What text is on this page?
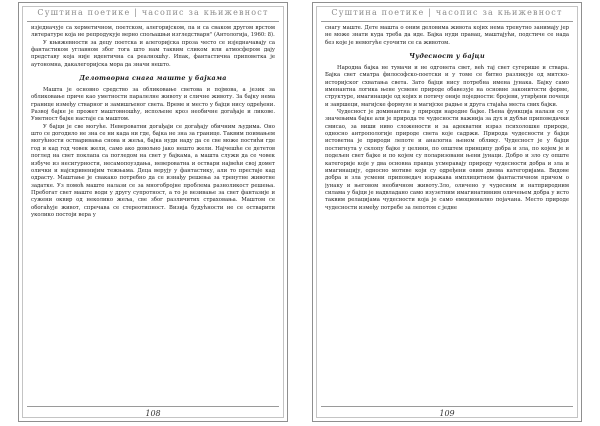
Суштина поетике | часопис за књижевност

изједначује са херметичном, поетском, алегоријском, па и са сваком другом врстом литературе која не репродукује верно спољашњи изгледстварн" (Антологија, 1960: 8).

У књижевности за децу поетска и алегоријска проза често се изједначавају са фантастиком углавном због тога што нам таквим сликом или атмосфером дају представу која није идентична са реалношћу. Ипак, фантастична приповетка је аутономна, дакалегоријска мора да значи нешто.

Делотворна снага маште у бајкама

Машта је основно средство за обликовање светова и појмова, а језик за обликовање приче као уметности паралелне животу и сличне животу. За бајку нема границе између стварног и замишљеног света. Време и место у бајци нису одређени. Развој бајке је прожет маштовношћу, испољене кроз необичне догађаје и ликове. Уметност бајке настаје са маштом.

У бајци је све могуће. Невероватни догађаји се догађају обичним људима. Оно што се догодило не зна се ни када ни где, бајка не зна за границе. Таквим поимањем могућности остваривања снова и жеља, бајка нуди наду да се све може постићи где год и кад год човек жели, само ако довољно јако нешто жели. Најчешће се дететов поглед на свет поклапа са погледом на свет у бајкама, а машта служи да се човек избуче из несигурности, несамопоуздања, невероватна и оствари највећи свој домет олички и најскривенијим тежњама. Деца верују у фантастику, али то престаје кад одрасту. Маштање је свакако потребно да се изнађу решења за тренутне животне задатке. Уз помоћ маште налази се за многобројне проблема разноликост решења. Пребогат свет маште води у другу супротност, а то је везивање за свет фантазије и сужени оквир од неколико жеља, све због различитих страховања. Маштом се обогаћује живот, спречава се стереотипност. Визија будућности не се остварити уколико постоји вера у

108
Суштина поетике | часопис за књижевност

снагу маште. Дете машта о оним деловима живота којих нема тренутно занимају јер не може знати куда треба да иде. Бајка нуди правац, маштајући, подстиче се нада без које је немогуће суочити се са животом.

Чудесност у бајци

Народна бајка не тумачи и не одгонета свет, већ тај свет сугерише и ствара. Бајка свет смaтра философско-поетски и у томе се битно разликује од митско-историјског схватања света. Зато бајци нису потребна имена јунака. Бајку само именантна логика њене усмене природе обавезује на основне законитости форме, структуре, имагинације од којих и потичу оније поједности: бројеви, утврђени почеци и завршеци, магијске формуле и магијске радње и друга стајаћа места свих бајки.

Чудесност је доминантна у природи народне бајке. Њена функција налази се у значењима бајке али је природа те чудесности важнија за дух и дубљи приповедачки смисао, за виши ниво сложености и за адекватни израз психолошке природе, односно антропологије природе света које садржи. Природа чудесности у бајци истоветна је природи лепоте и аналогна њеном облику. Чудесност је у бајци постигнута у склопу бајке у целини, по општем принципу добра и зла, по којем је и подељен свет бајке и по којем су поларизовани њени јунаци. Добро и зло су опште категорије које у два основна правца усмеравају природу чудесности добра и зла и имагинацију, односно мотиве који су одређени овим двема категоријама. Видове добра и зла усмени приповедач изражава имплицитном фантастичном причом о јунаку и његовом необичном животу.Зло, оличено у чудесним и натприродним силама у бајци је надвладано само изузетним имагинативним оличењем добра у исто таквим релацијама чудесности која је само емоционално појачана. Место природе чудесности између потребе за лепотом с једне

109
